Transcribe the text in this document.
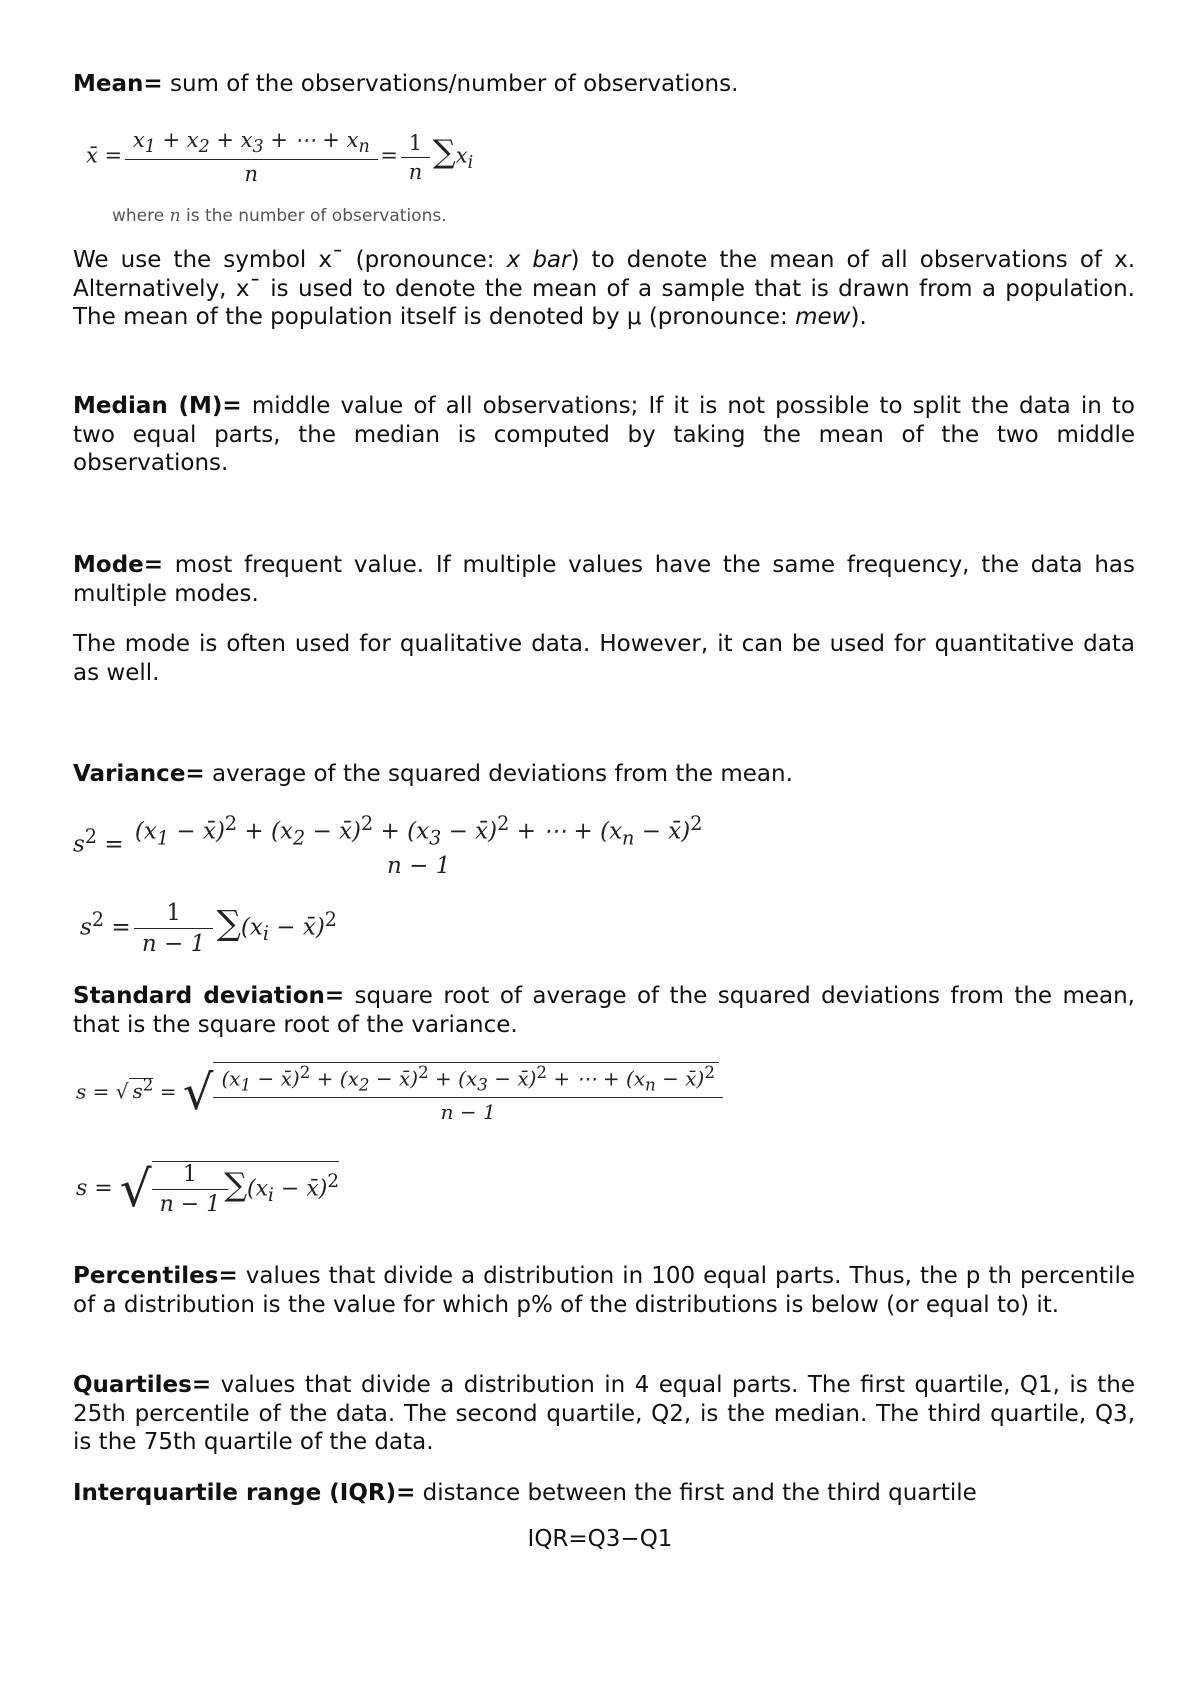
Mean= sum of the observations/number of observations.

x̄ = $\frac{x_1 + x_2 + x_3 + \cdots + x_n}{n} = \frac{1}{n} \sum x_i$
where n is the number of observations.

We use the symbol x¯ (pronounce: x bar) to denote the mean of all observations of x. Alternatively, x¯ is used to denote the mean of a sample that is drawn from a population. The mean of the population itself is denoted by μ (pronounce: mew).

Median (M)= middle value of all observations; If it is not possible to split the data in to two equal parts, the median is computed by taking the mean of the two middle observations.

Mode= most frequent value. If multiple values have the same frequency, the data has multiple modes.

The mode is often used for qualitative data. However, it can be used for quantitative data as well.

Variance= average of the squared deviations from the mean.

$s^2 = (x_1$ − x̄)$^2$ + ($x_2$ − x̄)$^2$ + ($x_3$ − x̄)$^2$ + ⋯ + ($x_n$ − x̄)$^2$
n − 1
$s^2 = \frac{1}{n - 1} \sum(x_i$ − x̄)$^2$

Standard deviation= square root of average of the squared deviations from the mean, that is the square root of the variance.

s = √ $s^2$ = √ $\frac{(x_1 - x̄)^2 + (x_2 - x̄)^2 + (x_3 - x̄)^2 + \cdots + (x_n - x̄)^2}{n - 1}$
s = √ $\frac{1}{n - 1} \sum(x_i$ − x̄)$^2$

Percentiles= values that divide a distribution in 100 equal parts. Thus, the p th percentile of a distribution is the value for which p% of the distributions is below (or equal to) it.

Quartiles= values that divide a distribution in 4 equal parts. The first quartile, Q1, is the 25th percentile of the data. The second quartile, Q2, is the median. The third quartile, Q3, is the 75th quartile of the data.

Interquartile range (IQR)= distance between the first and the third quartile

IQR=Q3−Q1
